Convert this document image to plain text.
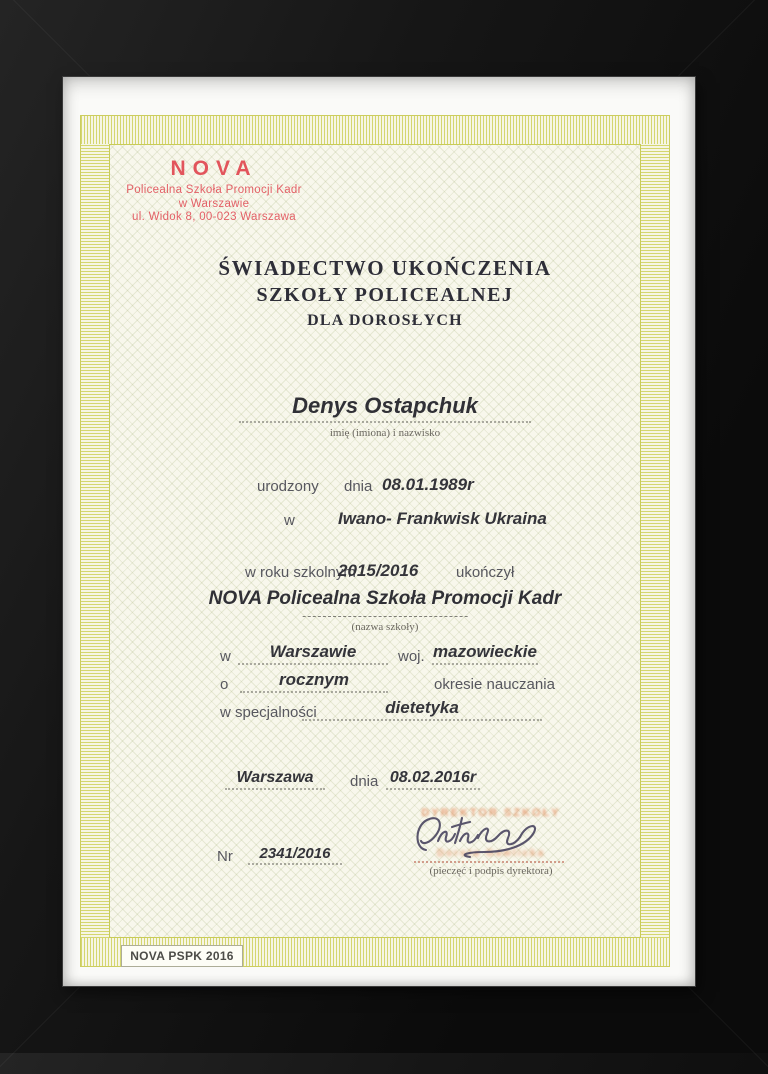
NOVA
Policealna Szkoła Promocji Kadr
w Warszawie
ul. Widok 8, 00-023 Warszawa
ŚWIADECTWO UKOŃCZENIA
SZKOŁY POLICEALNEJ
DLA DOROSŁYCH
Denys Ostapchuk
imię (imiona) i nazwisko
urodzony dnia 08.01.1989r
w	Iwano- Frankwisk Ukraina
w roku szkolnym
2015/2016	ukończył
NOVA Policealna Szkoła Promocji Kadr
(nazwa szkoły)
w Warszawie	woj. mazowieckie
o	rocznym	okresie nauczania
w specjalności	dietetyka
Warszawa dnia 08.02.2016r
Nr 2341/2016
DYREKTOR SZKOŁY
Dorota Gawlicka
(pieczęć i podpis dyrektora)
NOVA PSPK 2016
